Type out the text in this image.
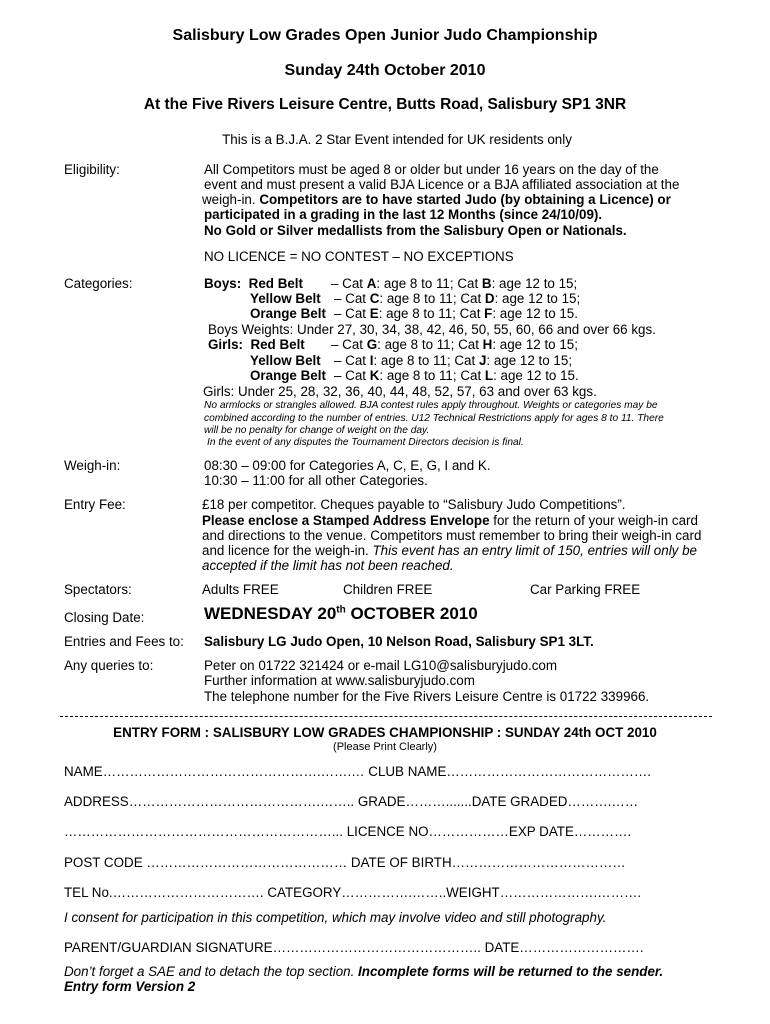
Salisbury Low Grades Open Junior Judo Championship
Sunday 24th October 2010
At the Five Rivers Leisure Centre, Butts Road, Salisbury SP1 3NR
This is a B.J.A. 2 Star Event intended for UK residents only
Eligibility:	All Competitors must be aged 8 or older but under 16 years on the day of the
event and must present a valid BJA Licence or a BJA affiliated association at the
weigh-in. Competitors are to have started Judo (by obtaining a Licence) or
participated in a grading in the last 12 Months (since 24/10/09).
No Gold or Silver medallists from the Salisbury Open or Nationals.
NO LICENCE = NO CONTEST – NO EXCEPTIONS
Categories:	Boys: Red Belt – Cat A: age 8 to 11; Cat B: age 12 to 15;
Yellow Belt – Cat C: age 8 to 11; Cat D: age 12 to 15;
Orange Belt – Cat E: age 8 to 11; Cat F: age 12 to 15.
Boys Weights: Under 27, 30, 34, 38, 42, 46, 50, 55, 60, 66 and over 66 kgs.
Girls: Red Belt – Cat G: age 8 to 11; Cat H: age 12 to 15;
Yellow Belt – Cat I: age 8 to 11; Cat J: age 12 to 15;
Orange Belt – Cat K: age 8 to 11; Cat L: age 12 to 15.
Girls: Under 25, 28, 32, 36, 40, 44, 48, 52, 57, 63 and over 63 kgs.
No armlocks or strangles allowed. BJA contest rules apply throughout. Weights or categories may be
combined according to the number of entries. U12 Technical Restrictions apply for ages 8 to 11. There
will be no penalty for change of weight on the day.
In the event of any disputes the Tournament Directors decision is final.
Weigh-in:	08:30 – 09:00 for Categories A, C, E, G, I and K.
10:30 – 11:00 for all other Categories.
Entry Fee:	£18 per competitor. Cheques payable to “Salisbury Judo Competitions”.
Please enclose a Stamped Address Envelope for the return of your weigh-in card
and directions to the venue. Competitors must remember to bring their weigh-in card
and licence for the weigh-in. This event has an entry limit of 150, entries will only be
accepted if the limit has not been reached.
Spectators:	Adults FREE	Children FREE	Car Parking FREE
Closing Date:	WEDNESDAY 20th OCTOBER 2010
Entries and Fees to: Salisbury LG Judo Open, 10 Nelson Road, Salisbury SP1 3LT.
Any queries to:	Peter on 01722 321424 or e-mail LG10@salisburyjudo.com
Further information at www.salisburyjudo.com
The telephone number for the Five Rivers Leisure Centre is 01722 339966.
ENTRY FORM : SALISBURY LOW GRADES CHAMPIONSHIP : SUNDAY 24th OCT 2010
(Please Print Clearly)
NAME………………………………………….…….… CLUB NAME……………………………………….
ADDRESS…………………………………….…….. GRADE……….......DATE GRADED……….……
……………………………………………………... LICENCE NO………………EXP DATE………….
POST CODE ……………………………………… DATE OF BIRTH…………………………………
TEL No.……………………………. CATEGORY…………….……..WEIGHT………………….……….
I consent for participation in this competition, which may involve video and still photography.
PARENT/GUARDIAN SIGNATURE……………………………………….. DATE……………………….
Don’t forget a SAE and to detach the top section. Incomplete forms will be returned to the sender.
Entry form Version 2
